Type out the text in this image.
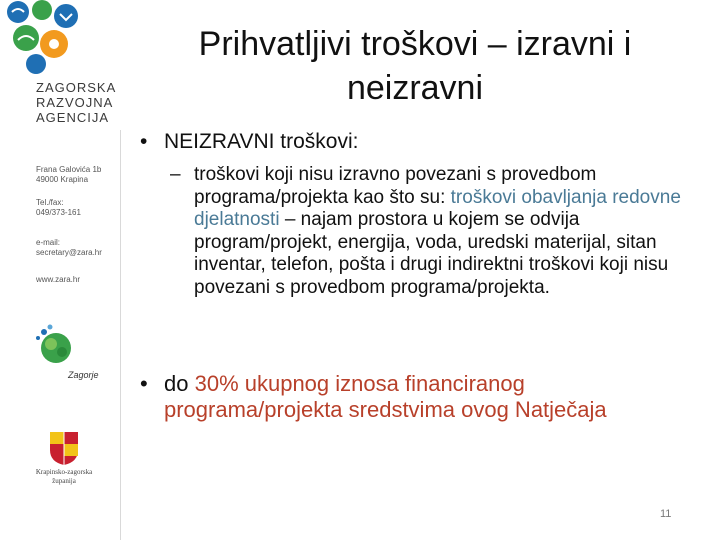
ZAGORSKA
RAZVOJNA
AGENCIJA
Frana Galovića 1b
49000 Krapina
Tel./fax:
049/373-161
e-mail:
secretary@zara.hr
www.zara.hr
Zagorje
Krapinsko-zagorska
županija
Prihvatljivi troškovi – izravni i neizravni
• NEIZRAVNI troškovi:
– troškovi koji nisu izravno povezani s provedbom programa/projekta kao što su: troškovi obavljanja redovne djelatnosti – najam prostora u kojem se odvija program/projekt, energija, voda, uredski materijal, sitan inventar, telefon, pošta i drugi indirektni troškovi koji nisu povezani s provedbom programa/projekta.
• do 30% ukupnog iznosa financiranog programa/projekta sredstvima ovog Natječaja
11
